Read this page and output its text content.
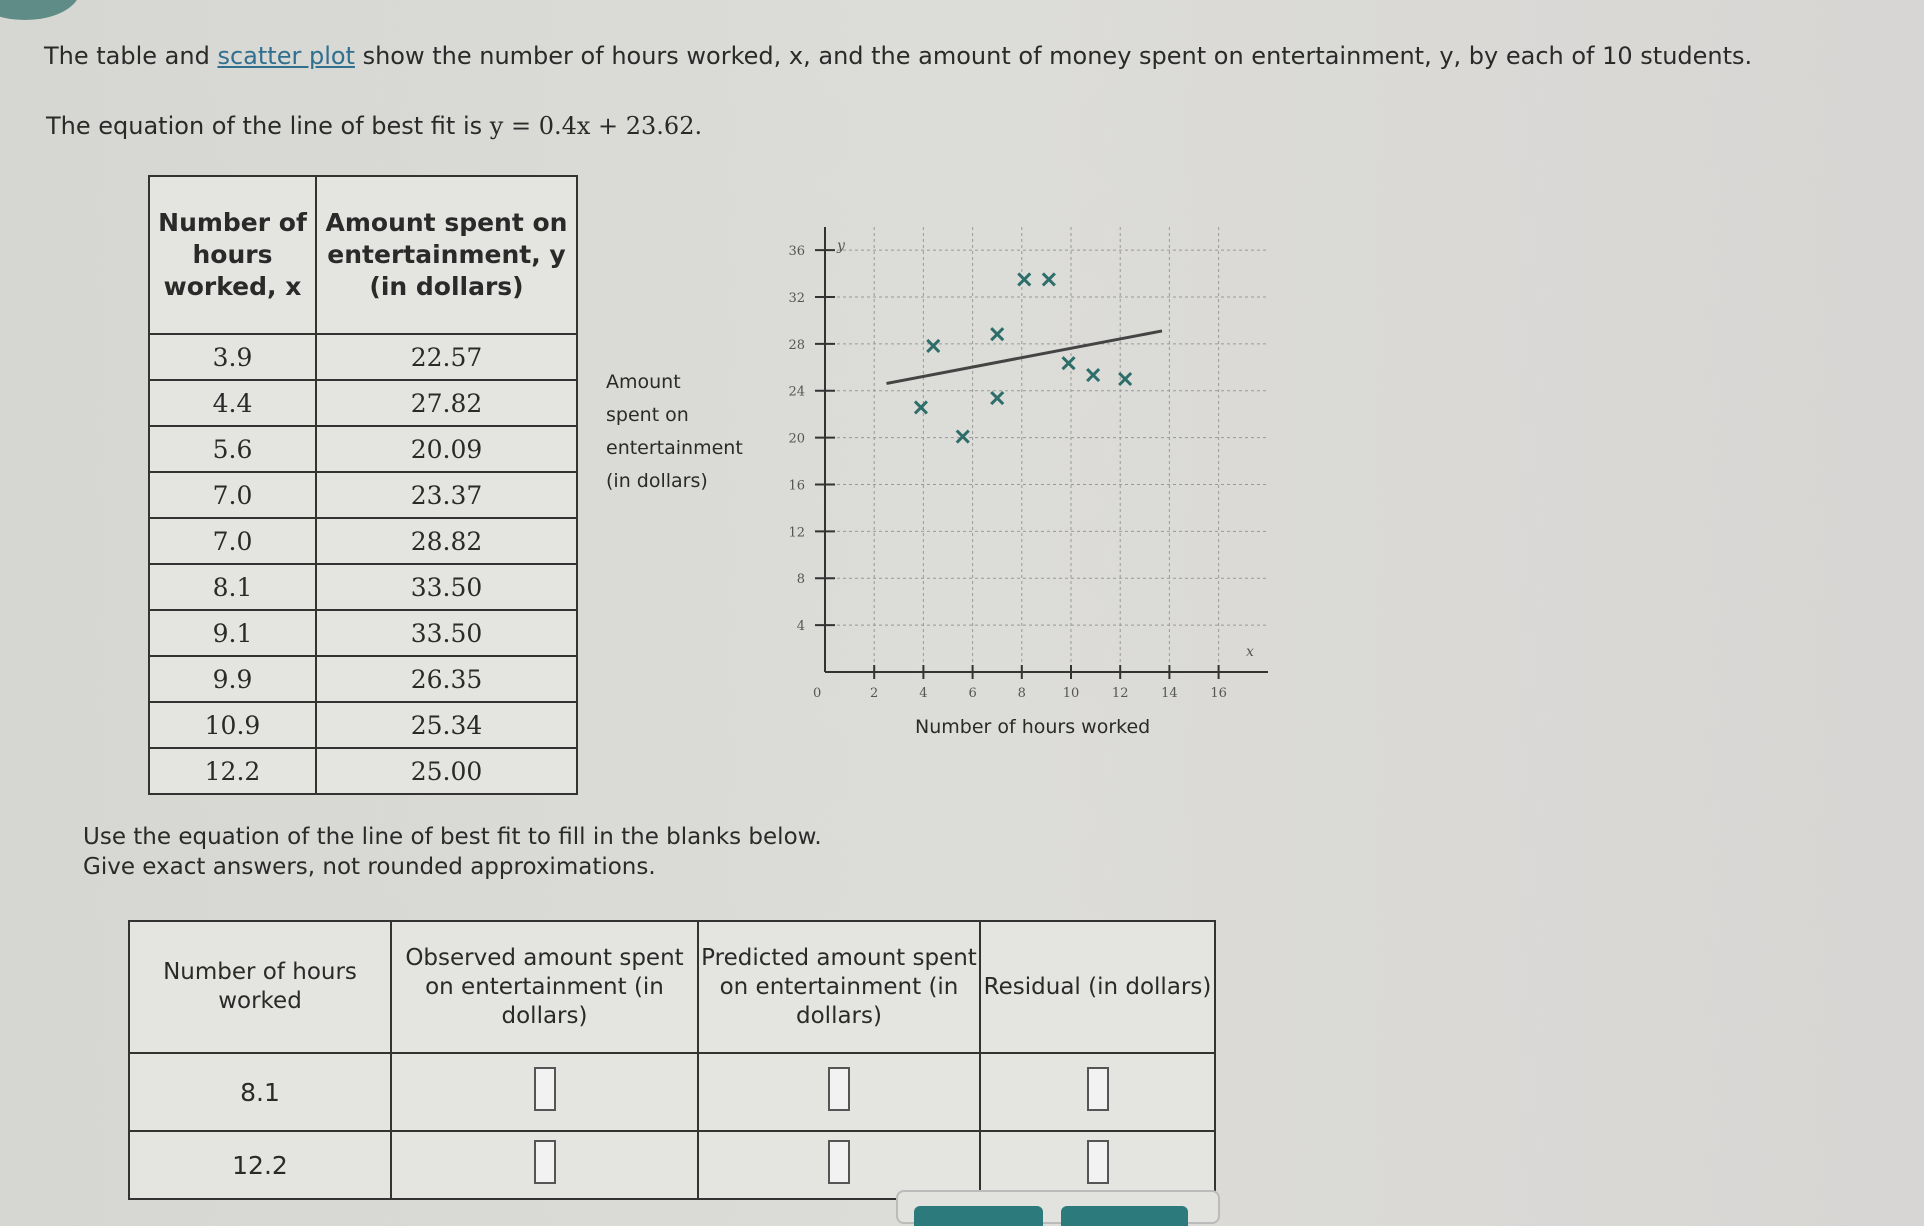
The table and scatter plot show the number of hours worked, x, and the amount of money spent on entertainment, y, by each of 10 students.
The equation of the line of best fit is y = 0.4x + 23.62.
Number of hours worked, x	Amount spent on entertainment, y (in dollars)
3.9	22.57
4.4	27.82
5.6	20.09
7.0	23.37
7.0	28.82
8.1	33.50
9.1	33.50
9.9	26.35
10.9	25.34
12.2	25.00
Amount
spent on
entertainment
(in dollars)
2	4	6	8	10	12	14	16
4
8
12
16
20
24
28
32
36
0
y
x
Number of hours worked
Use the equation of the line of best fit to fill in the blanks below.
Give exact answers, not rounded approximations.
Number of hours worked	Observed amount spent on entertainment (in dollars)	Predicted amount spent on entertainment (in dollars)	Residual (in dollars)
8.1			
12.2			
